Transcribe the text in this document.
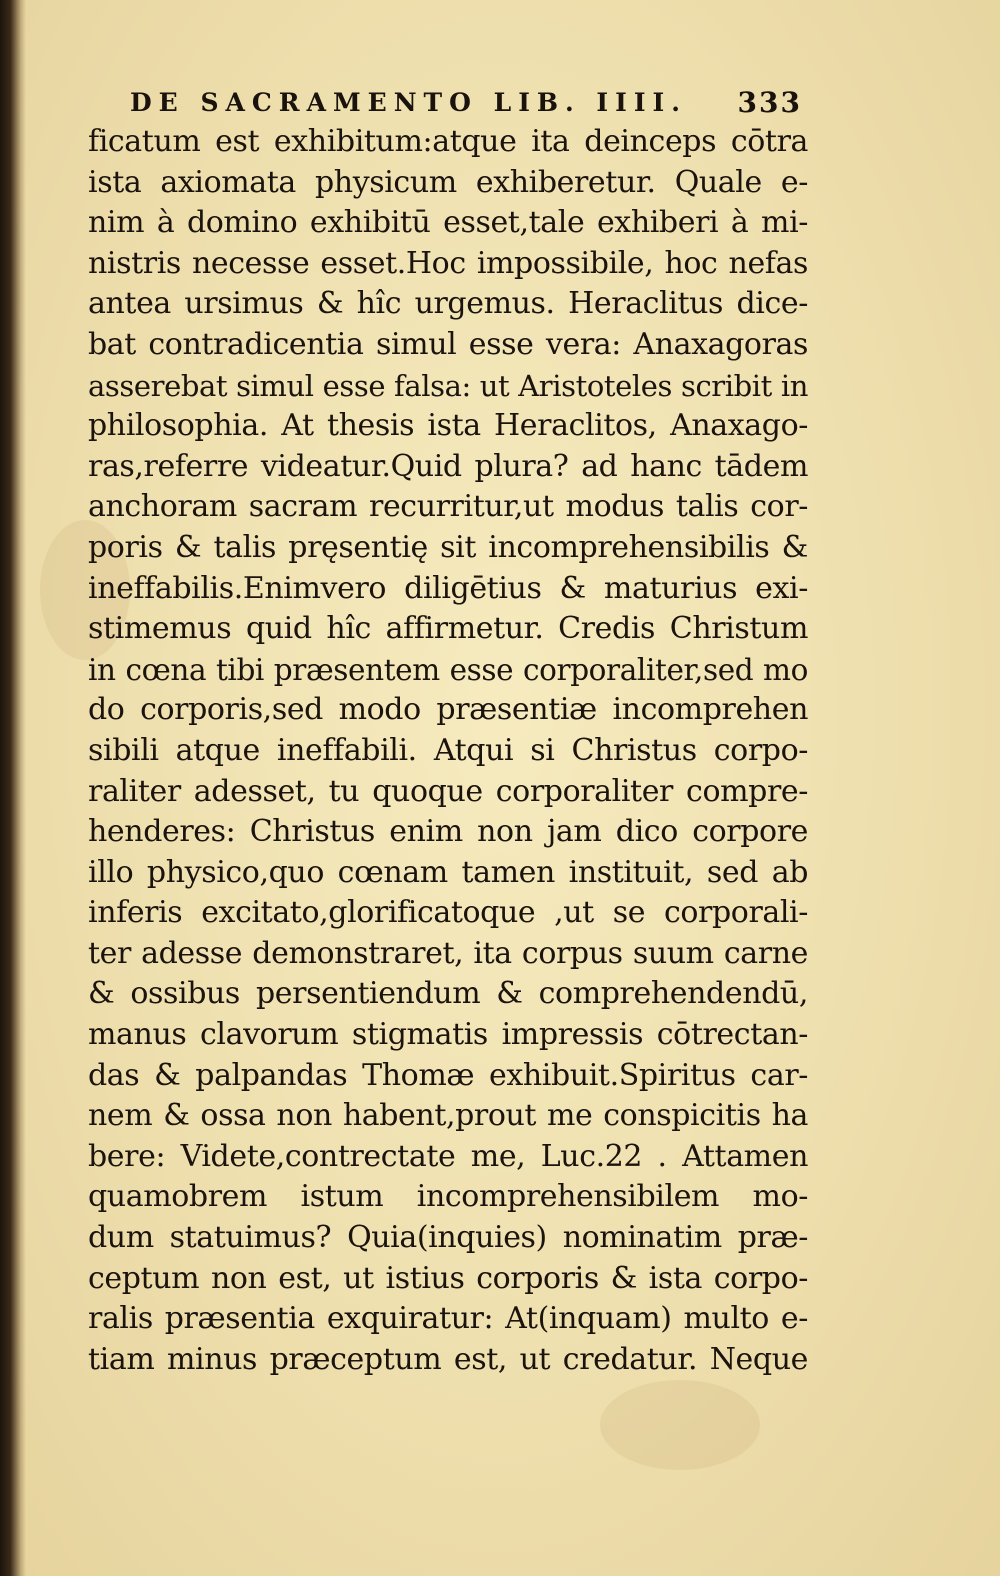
DE SACRAMENTO LIB. IIII. 333
ficatum est exhibitum:atque ita deinceps cōtra
ista axiomata physicum exhiberetur. Quale e-
nim à domino exhibitū esset,tale exhiberi à mi-
nistris necesse esset.Hoc impossibile, hoc nefas
antea ursimus & hîc urgemus. Heraclitus dice-
bat contradicentia simul esse vera: Anaxagoras
asserebat simul esse falsa: ut Aristoteles scribit in
philosophia. At thesis ista Heraclitos, Anaxago-
ras,referre videatur.Quid plura? ad hanc tādem
anchoram sacram recurritur,ut modus talis cor-
poris & talis pręsentię sit incomprehensibilis &
ineffabilis.Enimvero diligētius & maturius exi-
stimemus quid hîc affirmetur. Credis Christum
in cœna tibi præsentem esse corporaliter,sed mo
do corporis,sed modo præsentiæ incomprehen
sibili atque ineffabili. Atqui si Christus corpo-
raliter adesset, tu quoque corporaliter compre-
henderes: Christus enim non jam dico corpore
illo physico,quo cœnam tamen instituit, sed ab
inferis excitato,glorificatoque ,ut se corporali-
ter adesse demonstraret, ita corpus suum carne
& ossibus persentiendum & comprehendendū,
manus clavorum stigmatis impressis cōtrectan-
das & palpandas Thomæ exhibuit.Spiritus car-
nem & ossa non habent,prout me conspicitis ha
bere: Videte,contrectate me, Luc.22 . Attamen
quamobrem istum incomprehensibilem mo-
dum statuimus? Quia(inquies) nominatim præ-
ceptum non est, ut istius corporis & ista corpo-
ralis præsentia exquiratur: At(inquam) multo e-
tiam minus præceptum est, ut credatur. Neque
